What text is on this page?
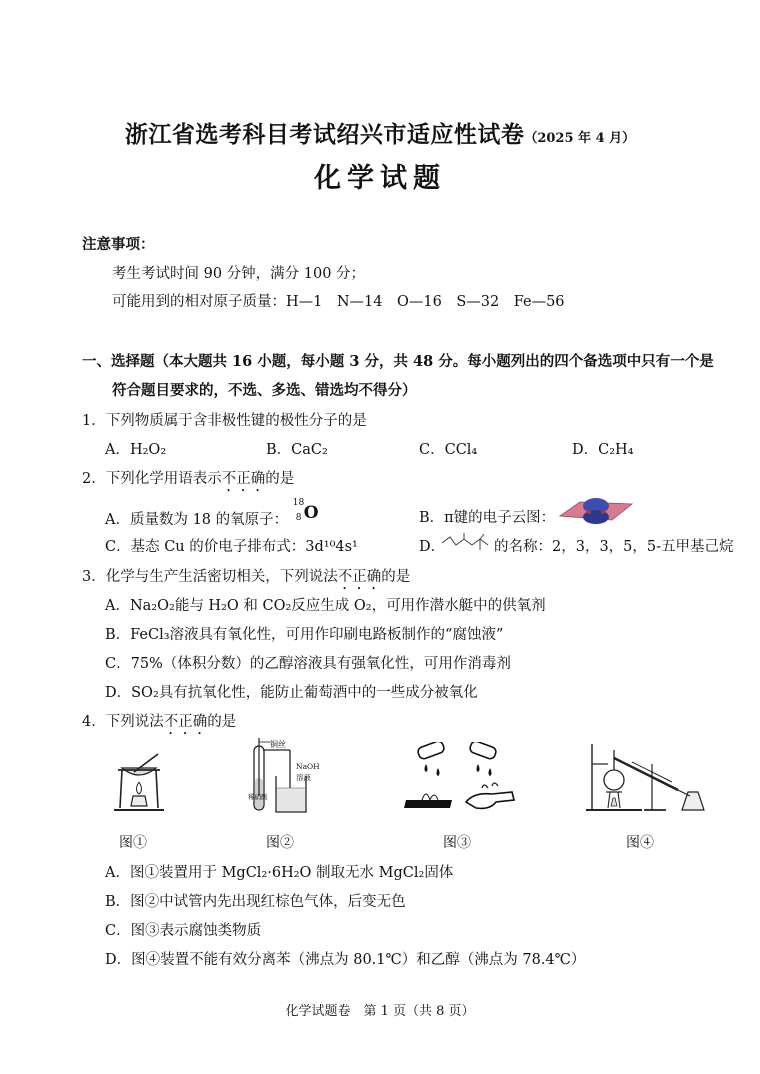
浙江省选考科目考试绍兴市适应性试卷（2025 年 4 月）
化学试题
注意事项：
考生考试时间 90 分钟，满分 100 分；
可能用到的相对原子质量：H—1　N—14　O—16　S—32　Fe—56
一、选择题（本大题共 16 小题，每小题 3 分，共 48 分。每小题列出的四个备选项中只有一个是
符合题目要求的，不选、多选、错选均不得分）
1．下列物质属于含非极性键的极性分子的是
A．H₂O₂	B．CaC₂	C．CCl₄	D．C₂H₄
2．下列化学用语表示不正确的是
A．质量数为 18 的氧原子：
18
8 O	B．π键的电子云图：
C．基态 Cu 的价电子排布式：3d¹⁰4s¹	D．	的名称：2，3，3，5，5-五甲基己烷
3．化学与生产生活密切相关，下列说法不正确的是
A．Na₂O₂能与 H₂O 和 CO₂反应生成 O₂，可用作潜水艇中的供氧剂
B．FeCl₃溶液具有氧化性，可用作印刷电路板制作的“腐蚀液”
C．75%（体积分数）的乙醇溶液具有强氧化性，可用作消毒剂
D．SO₂具有抗氧化性，能防止葡萄酒中的一些成分被氧化
4．下列说法不正确的是
铜丝
NaOH
溶液
稀硝酸
图①	图②	图③	图④
A．图①装置用于 MgCl₂·6H₂O 制取无水 MgCl₂固体
B．图②中试管内先出现红棕色气体，后变无色
C．图③表示腐蚀类物质
D．图④装置不能有效分离苯（沸点为 80.1℃）和乙醇（沸点为 78.4℃）
化学试题卷　第 1 页（共 8 页）
